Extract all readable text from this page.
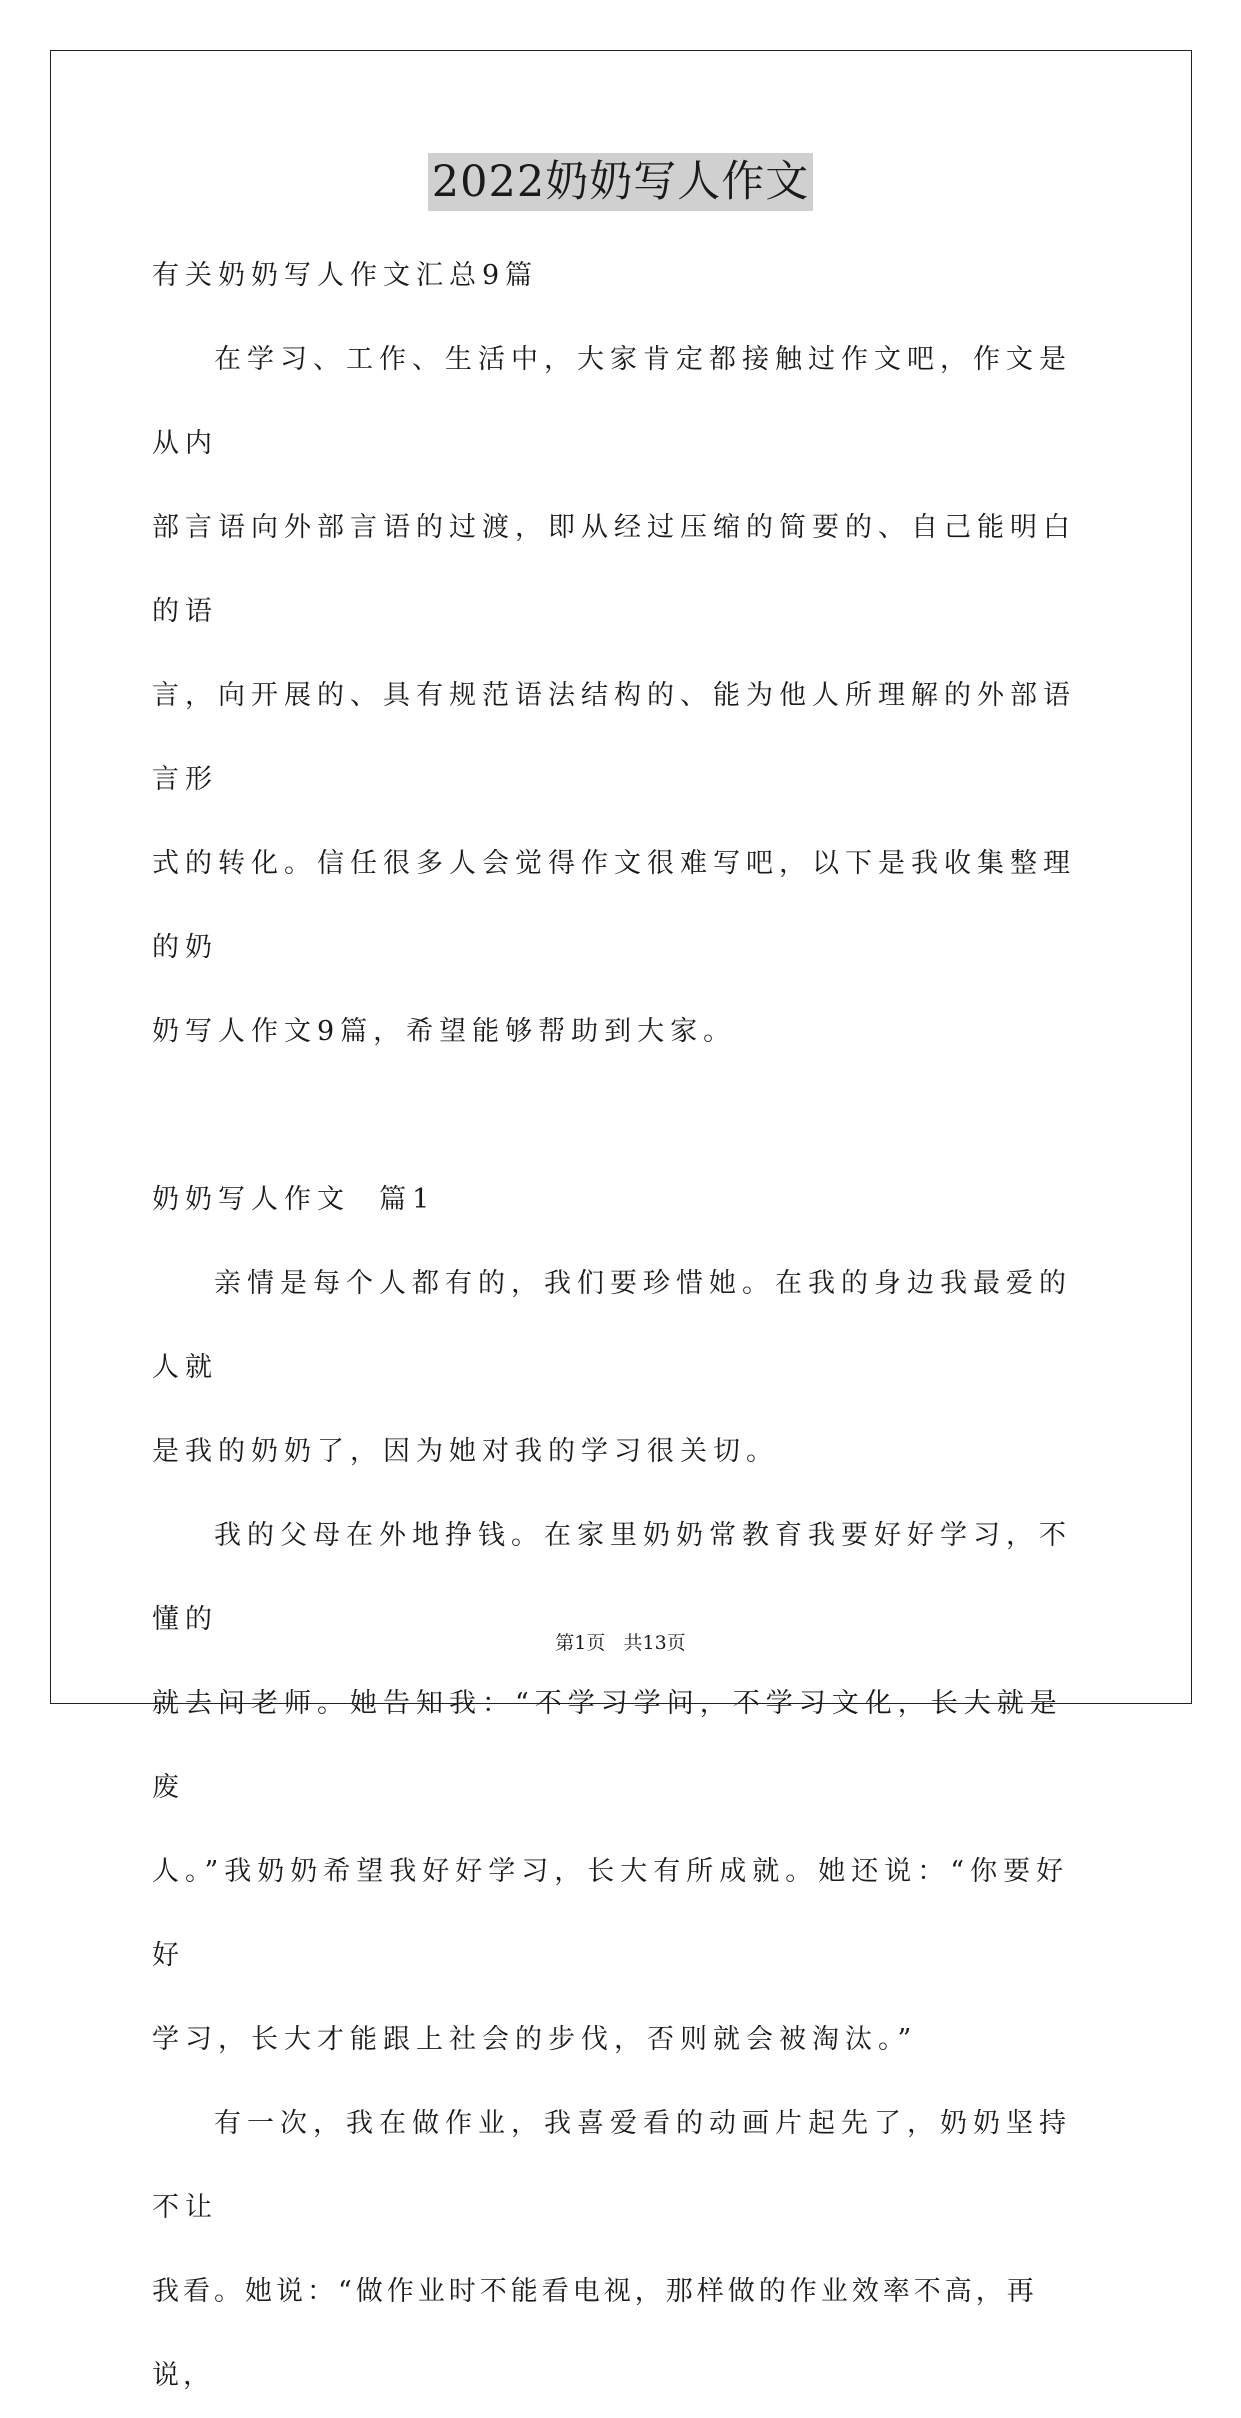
2022奶奶写人作文

有关奶奶写人作文汇总9篇

在学习、工作、生活中，大家肯定都接触过作文吧，作文是从内

部言语向外部言语的过渡，即从经过压缩的简要的、自己能明白的语

言，向开展的、具有规范语法结构的、能为他人所理解的外部语言形

式的转化。信任很多人会觉得作文很难写吧，以下是我收集整理的奶

奶写人作文9篇，希望能够帮助到大家。

奶奶写人作文  篇1

亲情是每个人都有的，我们要珍惜她。在我的身边我最爱的人就

是我的奶奶了，因为她对我的学习很关切。

我的父母在外地挣钱。在家里奶奶常教育我要好好学习，不懂的

就去问老师。她告知我：“不学习学问，不学习文化，长大就是废

人。”我奶奶希望我好好学习，长大有所成就。她还说：“你要好好

学习，长大才能跟上社会的步伐，否则就会被淘汰。”

有一次，我在做作业，我喜爱看的动画片起先了，奶奶坚持不让

我看。她说：“做作业时不能看电视，那样做的作业效率不高，再说，

第1页   共13页
